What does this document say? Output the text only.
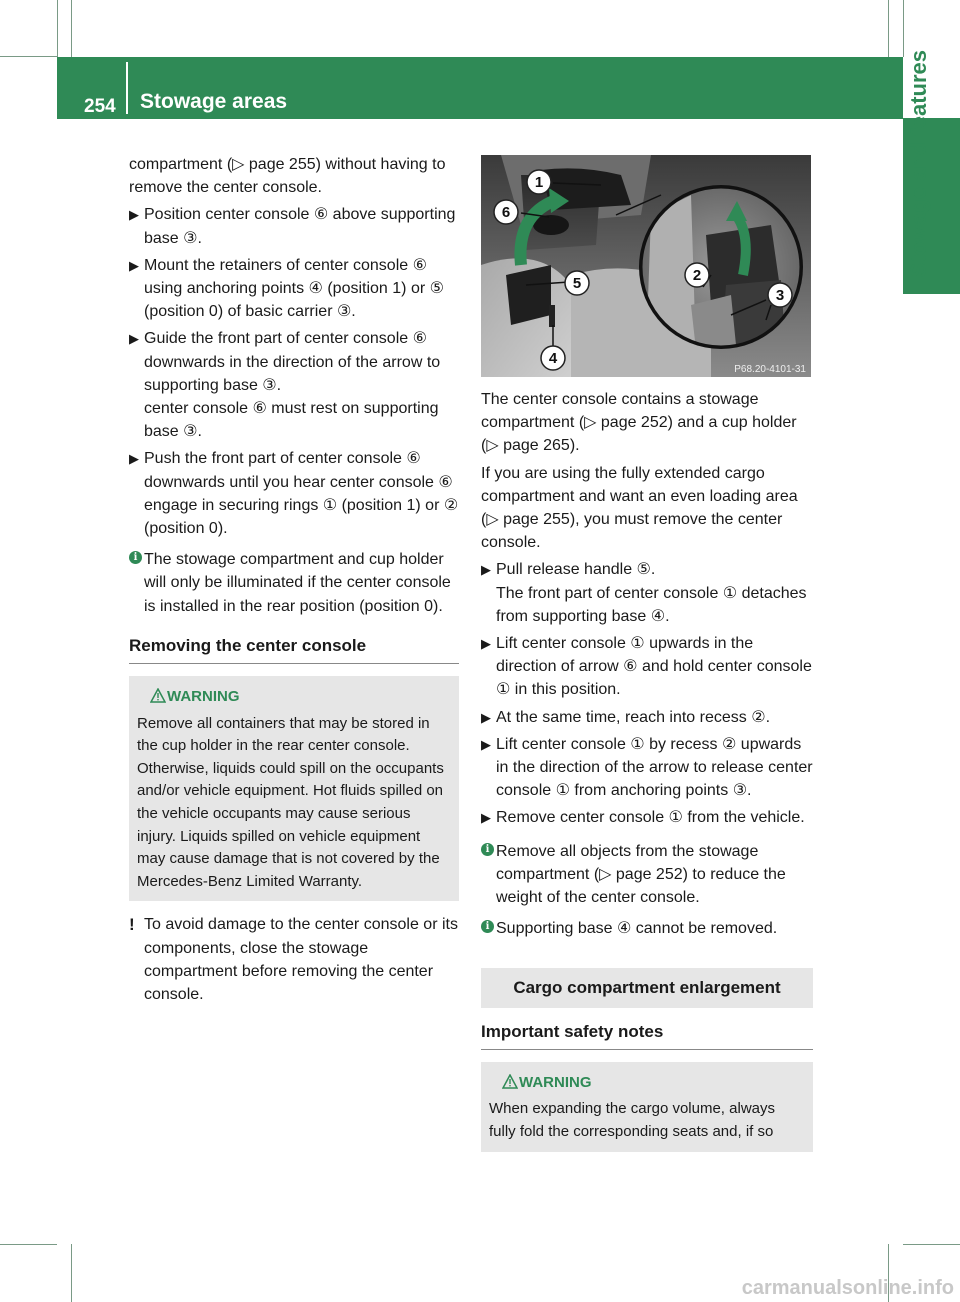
254 Stowage areas	Stowage and features

compartment (▷ page 255) without having to remove the center console.

▶ Position center console ⑥ above supporting base ③.
▶ Mount the retainers of center console ⑥ using anchoring points ④ (position 1) or ⑤ (position 0) of basic carrier ③.
▶ Guide the front part of center console ⑥ downwards in the direction of the arrow to supporting base ③.
center console ⑥ must rest on supporting base ③.
▶ Push the front part of center console ⑥ downwards until you hear center console ⑥ engage in securing rings ① (position 1) or ② (position 0).
i The stowage compartment and cup holder will only be illuminated if the center console is installed in the rear position (position 0).
Removing the center console
WARNING
Remove all containers that may be stored in the cup holder in the rear center console. Otherwise, liquids could spill on the occupants and/or vehicle equipment. Hot fluids spilled on the vehicle occupants may cause serious injury. Liquids spilled on vehicle equipment may cause damage that is not covered by the Mercedes-Benz Limited Warranty.
! To avoid damage to the center console or its components, close the stowage compartment before removing the center console.
1
6
5
4
2
3
P68.20-4101-31

The center console contains a stowage compartment (▷ page 252) and a cup holder (▷ page 265).

If you are using the fully extended cargo compartment and want an even loading area (▷ page 255), you must remove the center console.

▶ Pull release handle ⑤.
The front part of center console ① detaches from supporting base ④.
▶ Lift center console ① upwards in the direction of arrow ⑥ and hold center console ① in this position.
▶ At the same time, reach into recess ②.
▶ Lift center console ① by recess ② upwards in the direction of the arrow to release center console ① from anchoring points ③.
▶ Remove center console ① from the vehicle.
i Remove all objects from the stowage compartment (▷ page 252) to reduce the weight of the center console.
i Supporting base ④ cannot be removed.
Cargo compartment enlargement
Important safety notes
WARNING
When expanding the cargo volume, always fully fold the corresponding seats and, if so
carmanualsonline.info
